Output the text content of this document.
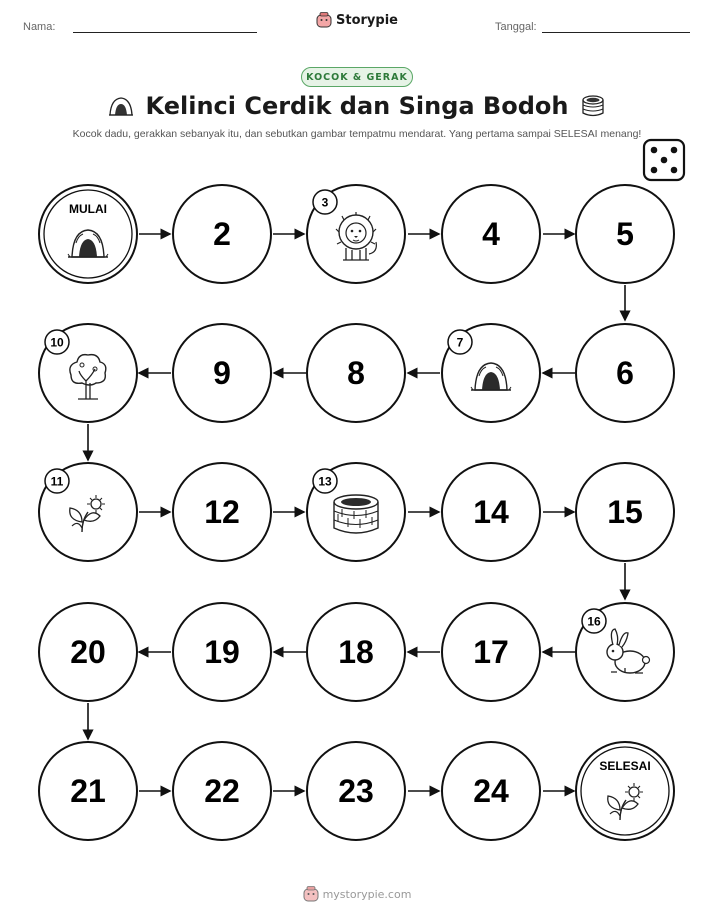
Nama:	Storypie	Tanggal:
KOCOK & GERAK
Kelinci Cerdik dan Singa Bodoh
Kocok dadu, gerakkan sebanyak itu, dan sebutkan gambar tempatmu mendarat. Yang pertama sampai SELESAI menang!
MULAI
2
3
4	5
10
9	8
7
6
11
12
13
14	15
20	19	18	17
16
21	22	23	24
SELESAI
mystorypie.com
